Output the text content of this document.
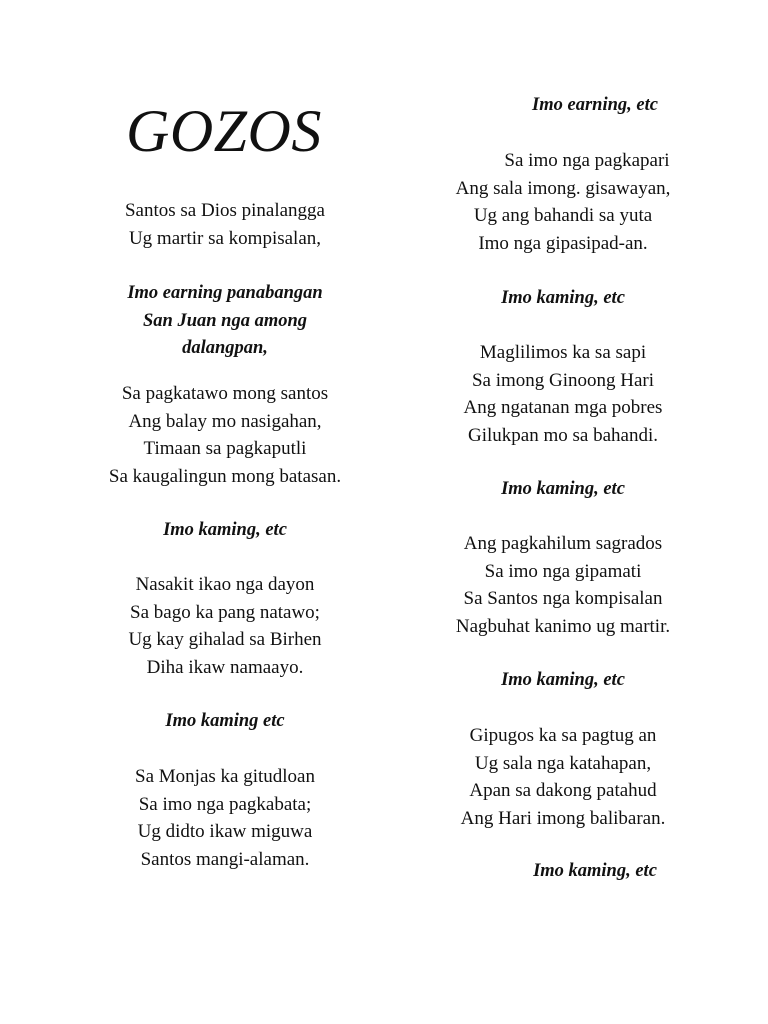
GOZOS
Santos sa Dios pinalangga
Ug martir sa kompisalan,
Imo earning panabangan
San Juan nga among
dalangpan,
Sa pagkatawo mong santos
Ang balay mo nasigahan,
Timaan sa pagkaputli
Sa kaugalingun mong batasan.
Imo kaming, etc
Nasakit ikao nga dayon
Sa bago ka pang natawo;
Ug kay gihalad sa Birhen
Diha ikaw namaayo.
Imo kaming etc
Sa Monjas ka gitudloan
Sa imo nga pagkabata;
Ug didto ikaw miguwa
Santos mangi-alaman.
Imo earning, etc
Sa imo nga pagkapari
Ang sala imong. gisawayan,
Ug ang bahandi sa yuta
Imo nga gipasipad-an.
Imo kaming, etc
Maglilimos ka sa sapi
Sa imong Ginoong Hari
Ang ngatanan mga pobres
Gilukpan mo sa bahandi.
Imo kaming, etc
Ang pagkahilum sagrados
Sa imo nga gipamati
Sa Santos nga kompisalan
Nagbuhat kanimo ug martir.
Imo kaming, etc
Gipugos ka sa pagtug an
Ug sala nga katahapan,
Apan sa dakong patahud
Ang Hari imong balibaran.
Imo kaming, etc
